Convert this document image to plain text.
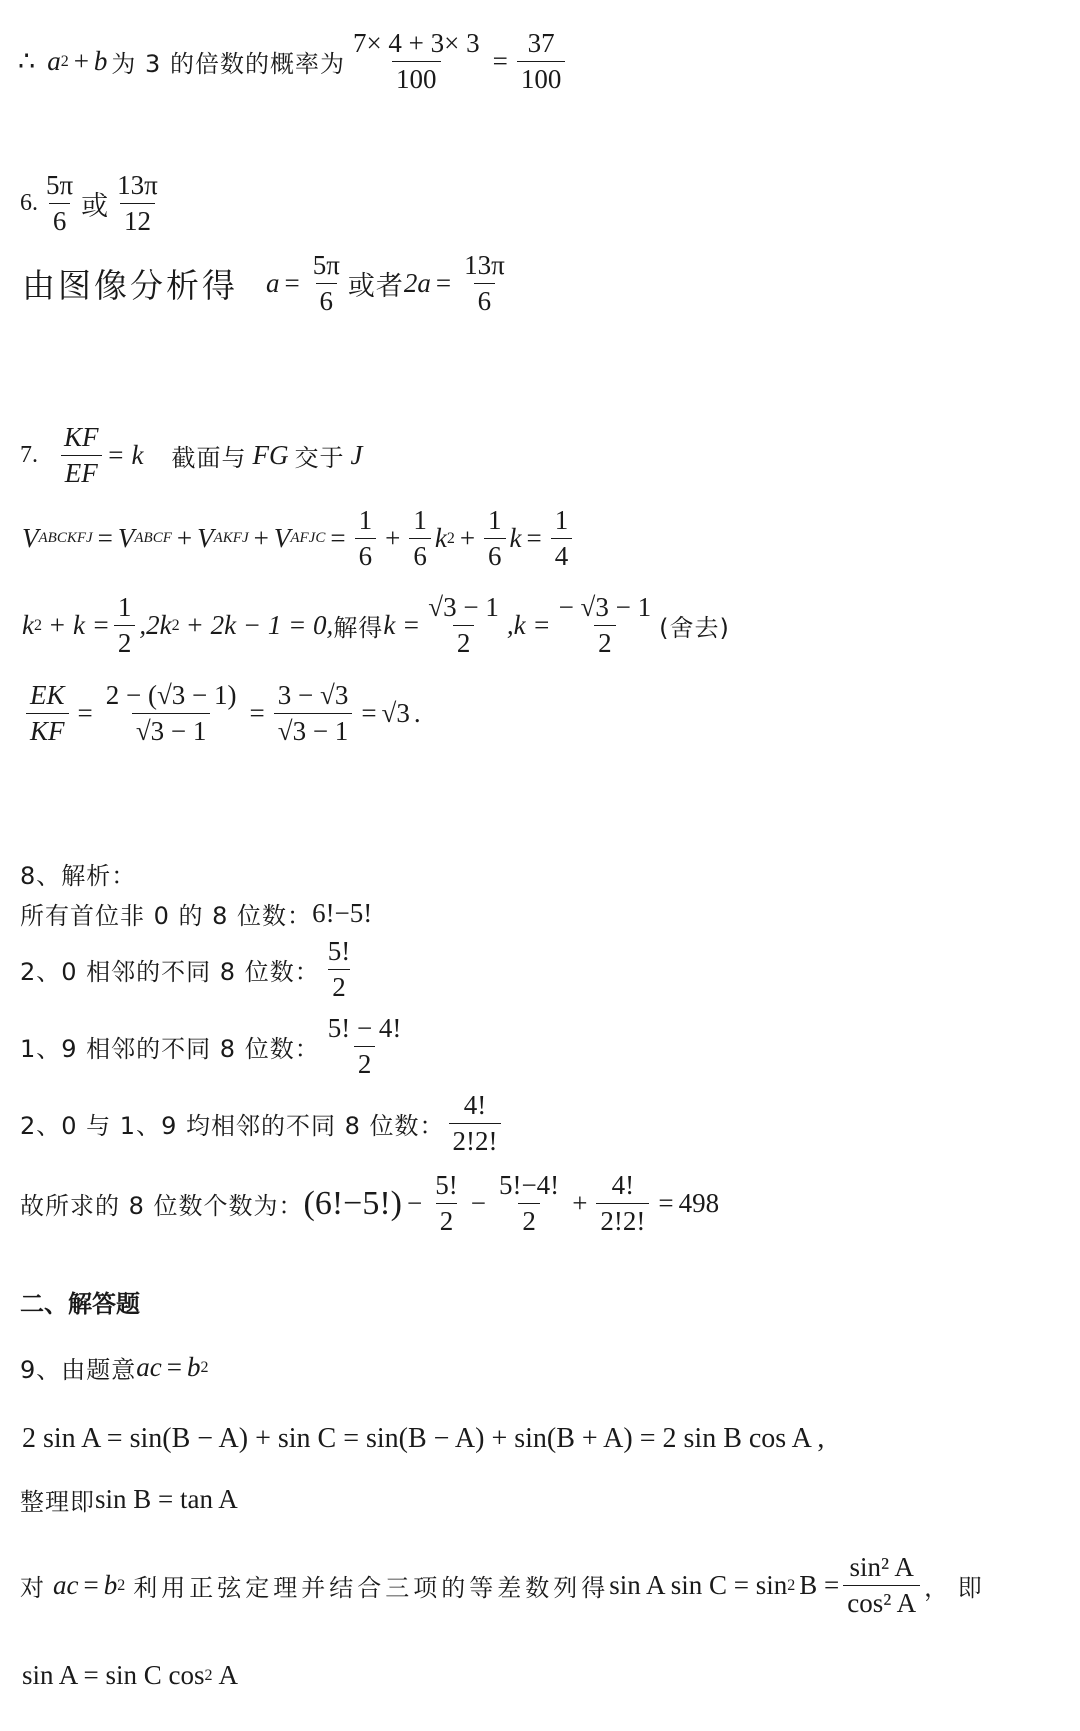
∴ a 2 + b 为 3 的倍数的概率为 $\frac{7\times 4 + 3\times 3}{100} = \frac{37}{100}$
6. $\frac{5\pi}{6}$ 或 $\frac{13\pi}{12}$
由图像分析得 $a = \frac{5\pi}{6}$ 或者 $2a = \frac{13\pi}{6}$
7. $\frac{KF}{EF} = k$ 截面与 FG 交于 J
V ABCKFJ = V ABCF + V AKFJ + V AFJC = $\frac{1}{6} + \frac{1}{6}$ k $2 + \frac{1}{6}$ $k = \frac{1}{4}$
k $2 + k = \frac{1}{2} ,2k$ 2 + 2k − 1 = 0, 解得 k = √ $\frac{3 - 1}{2} ,k = \frac{- √ 3 - 1}{2}$ (舍去)
$\frac{EK}{KF} = 2$ − ( √ 3 − 1)
√ 3 − 1 = 3 − √ 3
√ 3 − 1 = √ 3 .
8、解析：
所有首位非 0 的 8 位数： 6!−5!
2、0 相邻的不同 8 位数： $\frac{5!}{2}$
1、9 相邻的不同 8 位数： $\frac{5! - 4!}{2}$
2、0 与 1、9 均相邻的不同 8 位数： $\frac{4!}{2!2!}$
故所求的 8 位数个数为： $(6!-5!) - \frac{5!}{2} - \frac{5!-4!}{2} + \frac{4!}{2!2!} = 498$
二、解答题
9、由题意 ac = b 2
2 sin A = sin(B − A) + sin C = sin(B − A) + sin(B + A) = 2 sin B cos A ,
整理即 sin B = tan A
对 ac = b 2 利用正弦定理并结合三项的等差数列得 sin A sin C = sin 2 $B = \frac{\text{sin² A}}{\text{cos² A}}$ ， 即
sin A = sin C cos 2 A
